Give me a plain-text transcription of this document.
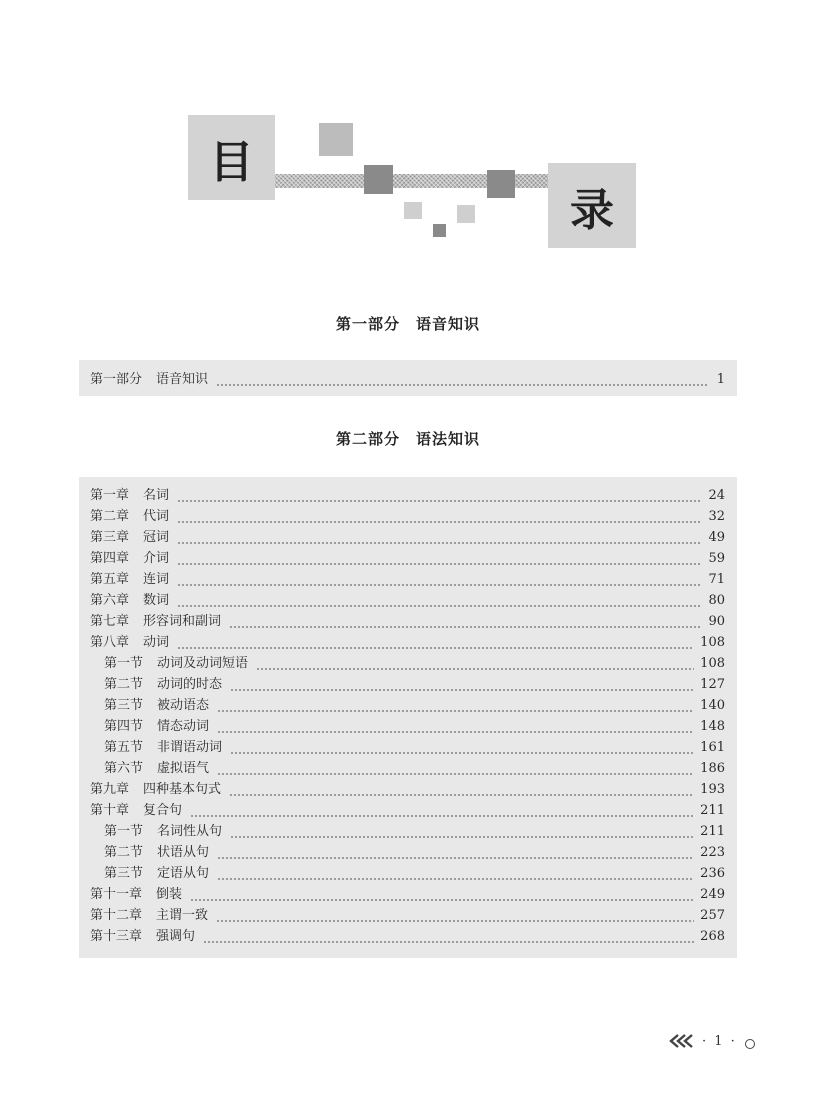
目
录
第一部分　语音知识
第一部分 语音知识	1
第二部分　语法知识
第一章 名词	24
第二章 代词	32
第三章 冠词	49
第四章 介词	59
第五章 连词	71
第六章 数词	80
第七章 形容词和副词	90
第八章 动词	108
第一节 动词及动词短语	108
第二节 动词的时态	127
第三节 被动语态	140
第四节 情态动词	148
第五节 非谓语动词	161
第六节 虚拟语气	186
第九章 四种基本句式	193
第十章 复合句	211
第一节 名词性从句	211
第二节 状语从句	223
第三节 定语从句	236
第十一章 倒装	249
第十二章 主谓一致	257
第十三章 强调句	268
· 1 ·
